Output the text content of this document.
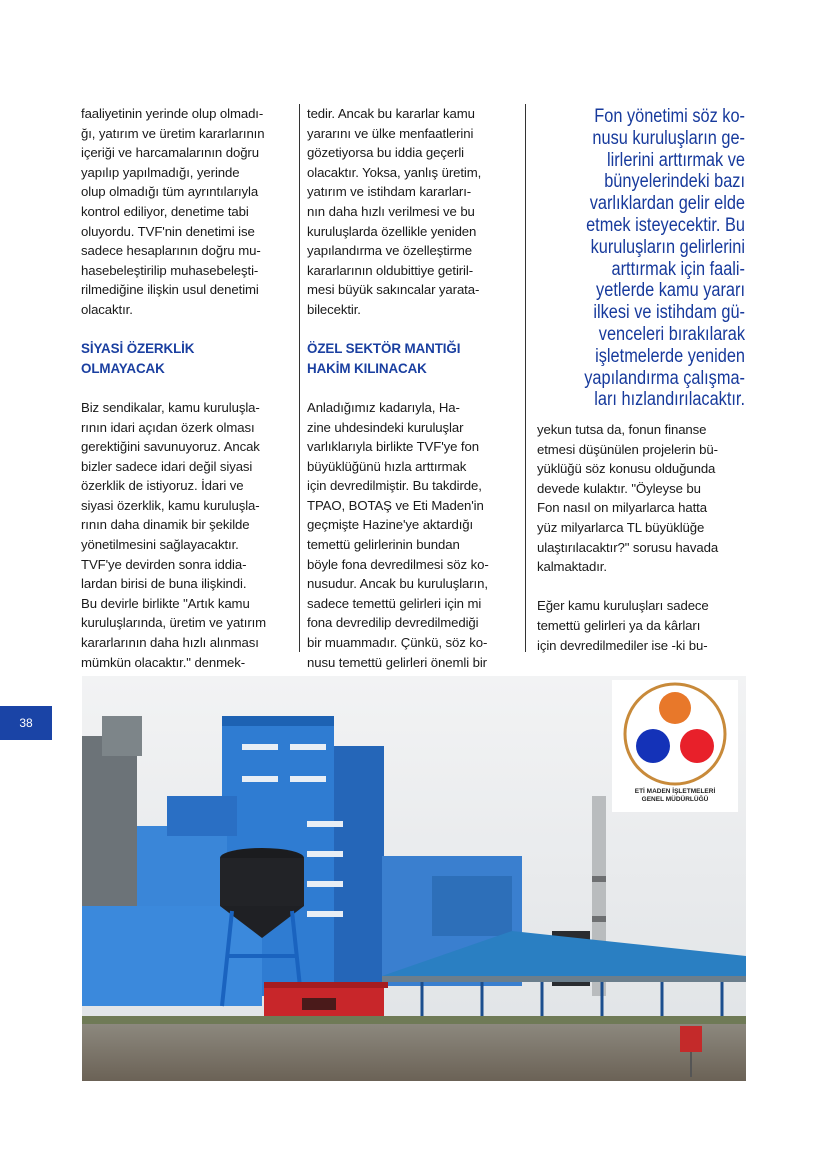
faaliyetinin yerinde olup olmadı-
ğı, yatırım ve üretim kararlarının
içeriği ve harcamalarının doğru
yapılıp yapılmadığı, yerinde
olup olmadığı tüm ayrıntılarıyla
kontrol ediliyor, denetime tabi
oluyordu. TVF'nin denetimi ise
sadece hesaplarının doğru mu-
hasebeleştirilip muhasebeleşti-
rilmediğine ilişkin usul denetimi
olacaktır.
SİYASİ ÖZERKLİK
OLMAYACAK
Biz sendikalar, kamu kuruluşla-
rının idari açıdan özerk olması
gerektiğini savunuyoruz. Ancak
bizler sadece idari değil siyasi
özerklik de istiyoruz. İdari ve
siyasi özerklik, kamu kuruluşla-
rının daha dinamik bir şekilde
yönetilmesini sağlayacaktır.
TVF'ye devirden sonra iddia-
lardan birisi de buna ilişkindi.
Bu devirle birlikte "Artık kamu
kuruluşlarında, üretim ve yatırım
kararlarının daha hızlı alınması
mümkün olacaktır." denmek-
tedir. Ancak bu kararlar kamu
yararını ve ülke menfaatlerini
gözetiyorsa bu iddia geçerli
olacaktır. Yoksa, yanlış üretim,
yatırım ve istihdam kararları-
nın daha hızlı verilmesi ve bu
kuruluşlarda özellikle yeniden
yapılandırma ve özelleştirme
kararlarının oldubittiye getiril-
mesi büyük sakıncalar yarata-
bilecektir.
ÖZEL SEKTÖR MANTIĞI
HAKİM KILINACAK
Anladığımız kadarıyla, Ha-
zine uhdesindeki kuruluşlar
varlıklarıyla birlikte TVF'ye fon
büyüklüğünü hızla arttırmak
için devredilmiştir. Bu takdirde,
TPAO, BOTAŞ ve Eti Maden'in
geçmişte Hazine'ye aktardığı
temettü gelirlerinin bundan
böyle fona devredilmesi söz ko-
nusudur. Ancak bu kuruluşların,
sadece temettü gelirleri için mi
fona devredilip devredilmediği
bir muammadır. Çünkü, söz ko-
nusu temettü gelirleri önemli bir
Fon yönetimi söz ko-
nusu kuruluşların ge-
lirlerini arttırmak ve
bünyelerindeki bazı
varlıklardan gelir elde
etmek isteyecektir. Bu
kuruluşların gelirlerini
arttırmak için faali-
yetlerde kamu yararı
ilkesi ve istihdam gü-
venceleri bırakılarak
işletmelerde yeniden
yapılandırma çalışma-
ları hızlandırılacaktır.
yekun tutsa da, fonun finanse
etmesi düşünülen projelerin bü-
yüklüğü söz konusu olduğunda
devede kulaktır. "Öyleyse bu
Fon nasıl on milyarlarca hatta
yüz milyarlarca TL büyüklüğe
ulaştırılacaktır?" sorusu havada
kalmaktadır.
Eğer kamu kuruluşları sadece
temettü gelirleri ya da kârları
için devredilmediler ise -ki bu-
38
ETİ MADEN İŞLETMELERİ
GENEL MÜDÜRLÜĞÜ
